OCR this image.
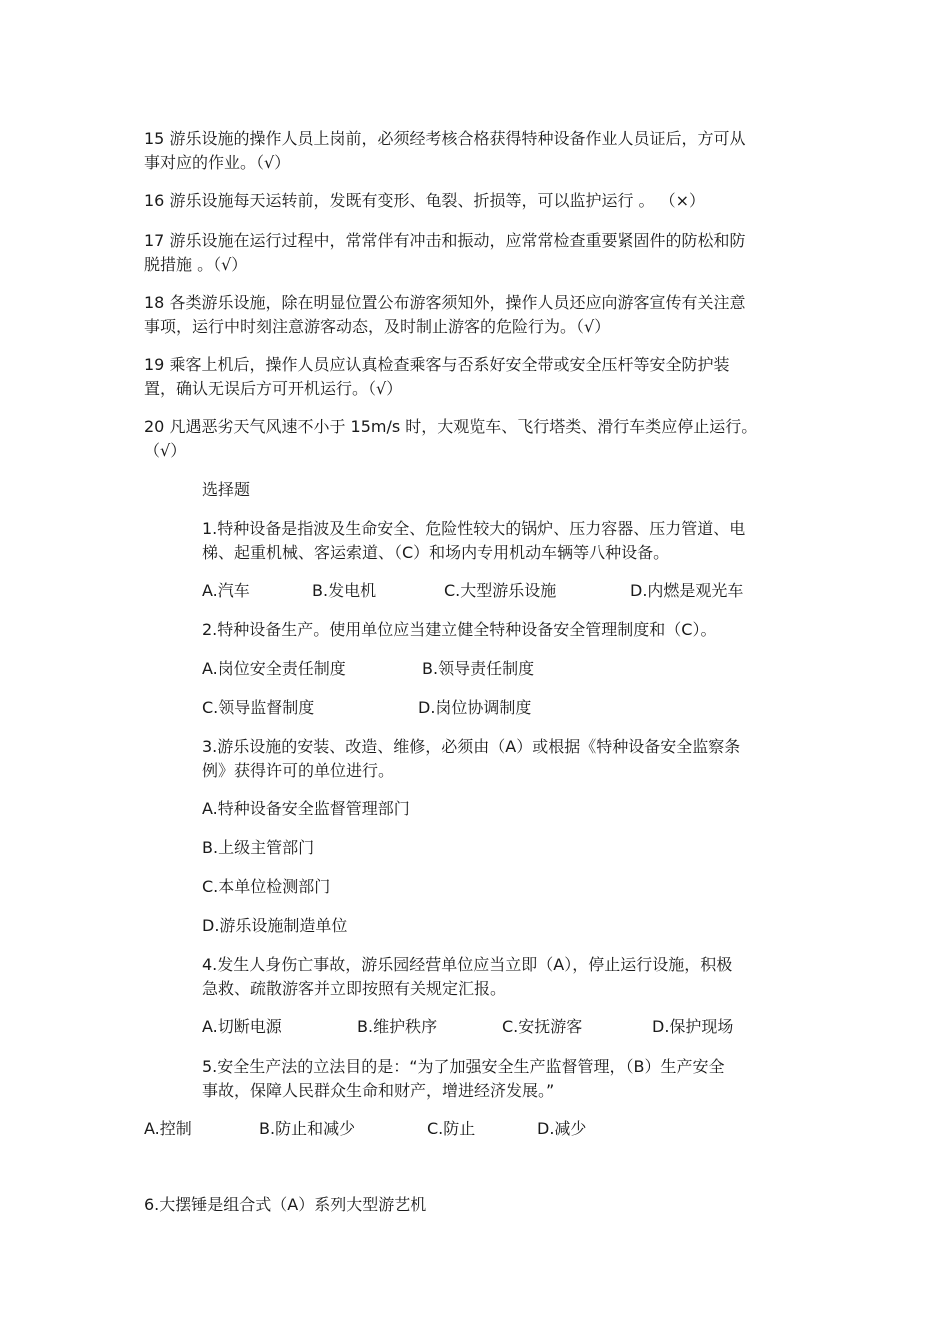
15 游乐设施的操作人员上岗前，必须经考核合格获得特种设备作业人员证后，方可从

事对应的作业。（√）

16 游乐设施每天运转前，发既有变形、龟裂、折损等，可以监护运行 。 （×）

17 游乐设施在运行过程中，常常伴有冲击和振动，应常常检查重要紧固件的防松和防

脱措施 。（√）

18 各类游乐设施，除在明显位置公布游客须知外，操作人员还应向游客宣传有关注意

事项，运行中时刻注意游客动态，及时制止游客的危险行为。（√）

19 乘客上机后，操作人员应认真检查乘客与否系好安全带或安全压杆等安全防护装

置，确认无误后方可开机运行。（√）

20 凡遇恶劣天气风速不小于 15m/s 时，大观览车、飞行塔类、滑行车类应停止运行。

（√）

选择题

1.特种设备是指波及生命安全、危险性较大的锅炉、压力容器、压力管道、电

梯、起重机械、客运索道、（C）和场内专用机动车辆等八种设备。

A.汽车	B.发电机	C.大型游乐设施	D.内燃是观光车

2.特种设备生产。使用单位应当建立健全特种设备安全管理制度和（C）。

A.岗位安全责任制度	B.领导责任制度
C.领导监督制度	D.岗位协调制度

3.游乐设施的安装、改造、维修，必须由（A）或根据《特种设备安全监察条

例》获得许可的单位进行。

A.特种设备安全监督管理部门

B.上级主管部门

C.本单位检测部门

D.游乐设施制造单位

4.发生人身伤亡事故，游乐园经营单位应当立即（A），停止运行设施，积极

急救、疏散游客并立即按照有关规定汇报。

A.切断电源	B.维护秩序	C.安抚游客	D.保护现场

5.安全生产法的立法目的是：“为了加强安全生产监督管理，（B）生产安全

事故，保障人民群众生命和财产，增进经济发展。”

A.控制	B.防止和减少	C.防止	D.减少

6.大摆锤是组合式（A）系列大型游艺机
